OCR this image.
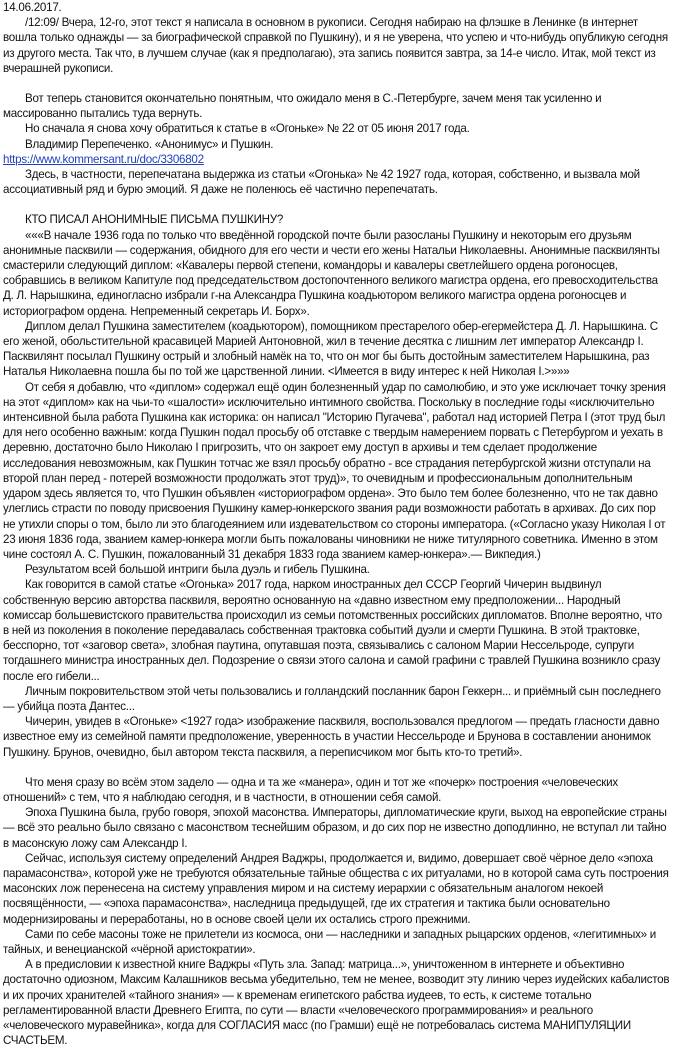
14.06.2017.

/12:09/ Вчера, 12-го, этот текст я написала в основном в рукописи. Сегодня набираю на флэшке в Ленинке (в интернет вошла только однажды — за биографической справкой по Пушкину), и я не уверена, что успею и что-нибудь опубликую сегодня из другого места. Так что, в лучшем случае (как я предполагаю), эта запись появится завтра, за 14-е число. Итак, мой текст из вчерашней рукописи.

Вот теперь становится окончательно понятным, что ожидало меня в С.-Петербурге, зачем меня так усиленно и массированно пытались туда вернуть.

Но сначала я снова хочу обратиться к статье в «Огоньке» № 22 от 05 июня 2017 года.

Владимир Перепеченко. «Анонимус» и Пушкин.

https://www.kommersant.ru/doc/3306802

Здесь, в частности, перепечатана выдержка из статьи «Огонька» № 42 1927 года, которая, собственно, и вызвала мой ассоциативный ряд и бурю эмоций. Я даже не поленюсь её частично перепечатать.

КТО ПИСАЛ АНОНИМНЫЕ ПИСЬМА ПУШКИНУ?

«««В начале 1936 года по только что введённой городской почте были разосланы Пушкину и некоторым его друзьям анонимные пасквили — содержания, обидного для его чести и чести его жены Натальи Николаевны. Анонимные пасквилянты смастерили следующий диплом: «Кавалеры первой степени, командоры и кавалеры светлейшего ордена рогоносцев, собравшись в великом Капитуле под председательством достопочтенного великого магистра ордена, его превосходительства Д. Л. Нарышкина, единогласно избрали г-на Александра Пушкина коадьютором великого магистра ордена рогоносцев и историографом ордена. Непременный секретарь И. Борх».

Диплом делал Пушкина заместителем (коадьютором), помощником престарелого обер-егермейстера Д. Л. Нарышкина. С его женой, обольстительной красавицей Марией Антоновной, жил в течение десятка с лишним лет император Александр I. Пасквилянт посылал Пушкину острый и злобный намёк на то, что он мог бы быть достойным заместителем Нарышкина, раз Наталья Николаевна пошла бы по той же царственной линии. <Имеется в виду интерес к ней Николая I.>»»»

От себя я добавлю, что «диплом» содержал ещё один болезненный удар по самолюбию, и это уже исключает точку зрения на этот «диплом» как на чьи-то «шалости» исключительно интимного свойства. Поскольку в последние годы «исключительно интенсивной была работа Пушкина как историка: он написал "Историю Пугачева", работал над историей Петра I (этот труд был для него особенно важным: когда Пушкин подал просьбу об отставке с твердым намерением порвать с Петербургом и уехать в деревню, достаточно было Николаю I пригрозить, что он закроет ему доступ в архивы и тем сделает продолжение исследования невозможным, как Пушкин тотчас же взял просьбу обратно - все страдания петербургской жизни отступали на второй план перед - потерей возможности продолжать этот труд)», то очевидным и профессиональным дополнительным ударом здесь является то, что Пушкин объявлен «историографом ордена». Это было тем более болезненно, что не так давно улеглись страсти по поводу присвоения Пушкину камер-юнкерского звания ради возможности работать в архивах. До сих пор не утихли споры о том, было ли это благодеянием или издевательством со стороны императора. («Согласно указу Николая I от 23 июня 1836 года, званием камер-юнкера могли быть пожалованы чиновники не ниже титулярного советника. Именно в этом чине состоял А. С. Пушкин, пожалованный 31 декабря 1833 года званием камер-юнкера».— Викпедия.)

Результатом всей большой интриги была дуэль и гибель Пушкина.

Как говорится в самой статье «Огонька» 2017 года, нарком иностранных дел СССР Георгий Чичерин выдвинул собственную версию авторства пасквиля, вероятно основанную на «давно известном ему предположении... Народный комиссар большевистского правительства происходил из семьи потомственных российских дипломатов. Вполне вероятно, что в ней из поколения в поколение передавалась собственная трактовка событий дуэли и смерти Пушкина. В этой трактовке, бесспорно, тот «заговор света», злобная паутина, опутавшая поэта, связывались с салоном Марии Нессельроде, супруги тогдашнего министра иностранных дел. Подозрение о связи этого салона и самой графини с травлей Пушкина возникло сразу после его гибели...

Личным покровительством этой четы пользовались и голландский посланник барон Геккерн... и приёмный сын последнего — убийца поэта Дантес...

Чичерин, увидев в «Огоньке» <1927 года> изображение пасквиля, воспользовался предлогом — предать гласности давно известное ему из семейной памяти предположение, уверенность в участии Нессельроде и Брунова в составлении анонимок Пушкину. Брунов, очевидно, был автором текста пасквиля, а переписчиком мог быть кто-то третий».

Что меня сразу во всём этом задело — одна и та же «манера», один и тот же «почерк» построения «человеческих отношений» с тем, что я наблюдаю сегодня, и в частности, в отношении себя самой.

Эпоха Пушкина была, грубо говоря, эпохой масонства. Императоры, дипломатические круги, выход на европейские страны — всё это реально было связано с масонством теснейшим образом, и до сих пор не известно доподлинно, не вступал ли тайно в масонскую ложу сам Александр I.

Сейчас, используя систему определений Андрея Ваджры, продолжается и, видимо, довершает своё чёрное дело «эпоха парамасонства», которой уже не требуются обязательные тайные общества с их ритуалами, но в которой сама суть построения масонских лож перенесена на систему управления миром и на систему иерархии с обязательным аналогом некоей посвящённости, — «эпоха парамасонства», наследница предыдущей, где их стратегия и тактика были основательно модернизированы и переработаны, но в основе своей цели их остались строго прежними.

Сами по себе масоны тоже не прилетели из космоса, они — наследники и западных рыцарских орденов, «легитимных» и тайных, и венецианской «чёрной аристократии».

А в предисловии к известной книге Ваджры «Путь зла. Запад: матрица...», уничтоженном в интернете и объективно достаточно одиозном, Максим Калашников весьма убедительно, тем не менее, возводит эту линию через иудейских кабалистов и их прочих хранителей «тайного знания» — к временам египетского рабства иудеев, то есть, к системе тотально регламентированной власти Древнего Египта, по сути — власти «человеческого программирования» и реального «человеческого муравейника», когда для СОГЛАСИЯ масс (по Грамши) ещё не потребовалась система МАНИПУЛЯЦИИ СЧАСТЬЕМ.
